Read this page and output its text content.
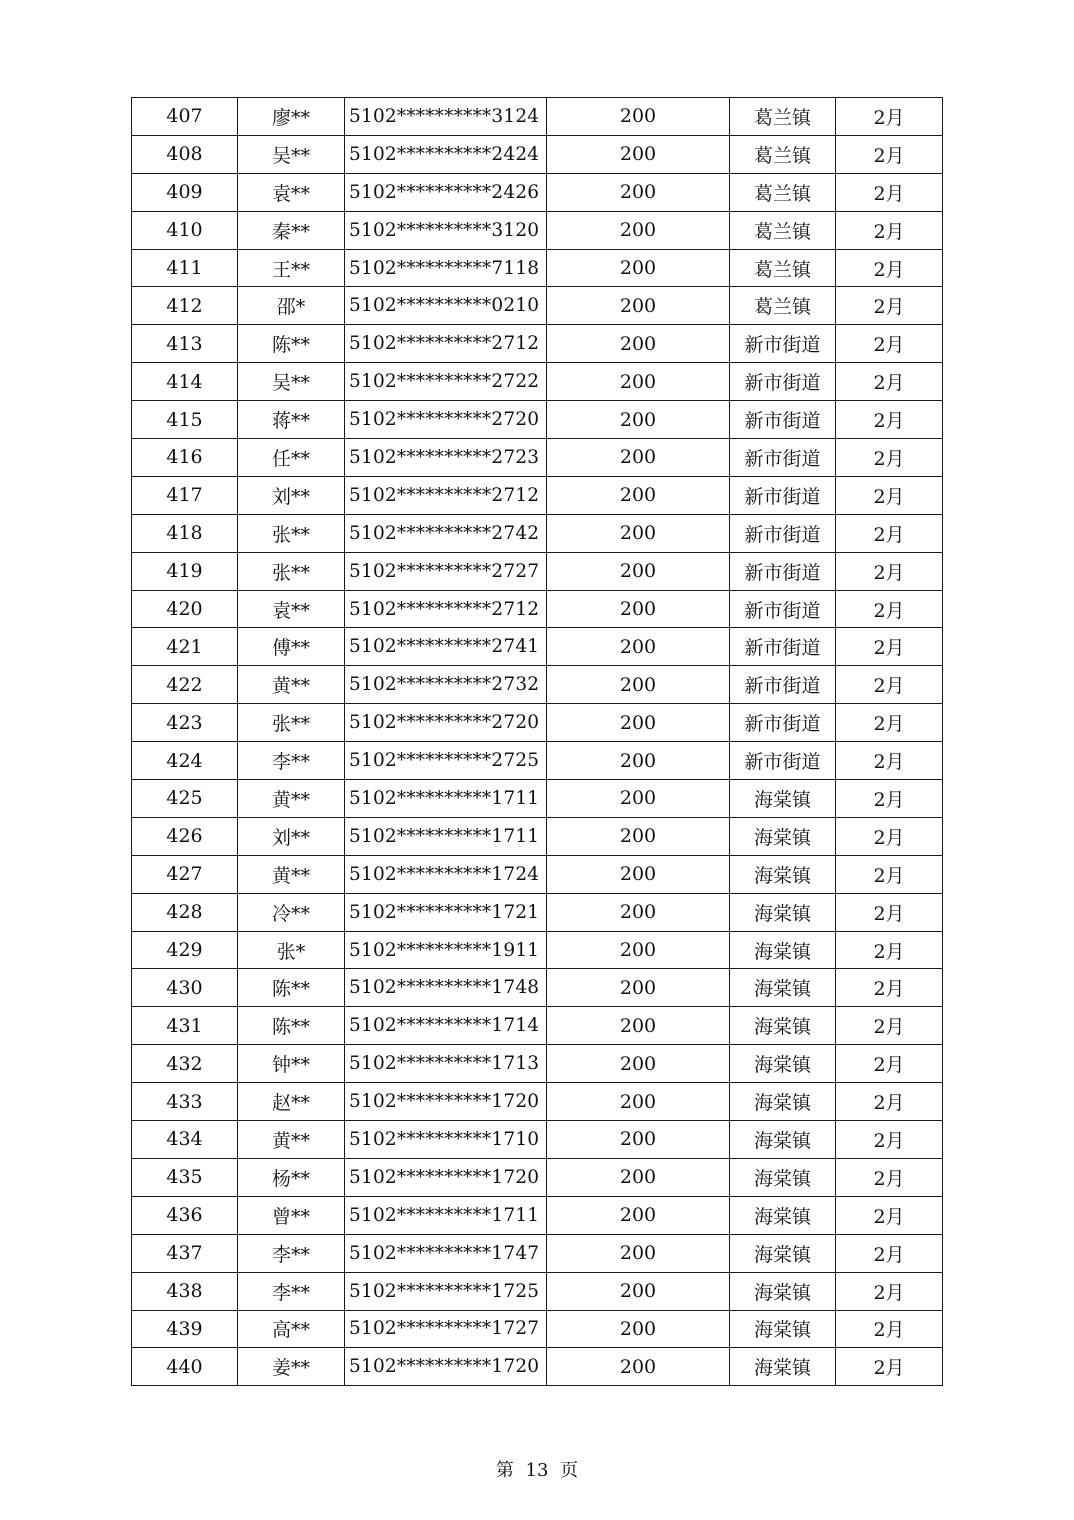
407	廖**	5102**********3124	200	葛兰镇	2月
408	吴**	5102**********2424	200	葛兰镇	2月
409	袁**	5102**********2426	200	葛兰镇	2月
410	秦**	5102**********3120	200	葛兰镇	2月
411	王**	5102**********7118	200	葛兰镇	2月
412	邵*	5102**********0210	200	葛兰镇	2月
413	陈**	5102**********2712	200	新市街道	2月
414	吴**	5102**********2722	200	新市街道	2月
415	蒋**	5102**********2720	200	新市街道	2月
416	任**	5102**********2723	200	新市街道	2月
417	刘**	5102**********2712	200	新市街道	2月
418	张**	5102**********2742	200	新市街道	2月
419	张**	5102**********2727	200	新市街道	2月
420	袁**	5102**********2712	200	新市街道	2月
421	傅**	5102**********2741	200	新市街道	2月
422	黄**	5102**********2732	200	新市街道	2月
423	张**	5102**********2720	200	新市街道	2月
424	李**	5102**********2725	200	新市街道	2月
425	黄**	5102**********1711	200	海棠镇	2月
426	刘**	5102**********1711	200	海棠镇	2月
427	黄**	5102**********1724	200	海棠镇	2月
428	冷**	5102**********1721	200	海棠镇	2月
429	张*	5102**********1911	200	海棠镇	2月
430	陈**	5102**********1748	200	海棠镇	2月
431	陈**	5102**********1714	200	海棠镇	2月
432	钟**	5102**********1713	200	海棠镇	2月
433	赵**	5102**********1720	200	海棠镇	2月
434	黄**	5102**********1710	200	海棠镇	2月
435	杨**	5102**********1720	200	海棠镇	2月
436	曾**	5102**********1711	200	海棠镇	2月
437	李**	5102**********1747	200	海棠镇	2月
438	李**	5102**********1725	200	海棠镇	2月
439	高**	5102**********1727	200	海棠镇	2月
440	姜**	5102**********1720	200	海棠镇	2月
第 13 页
